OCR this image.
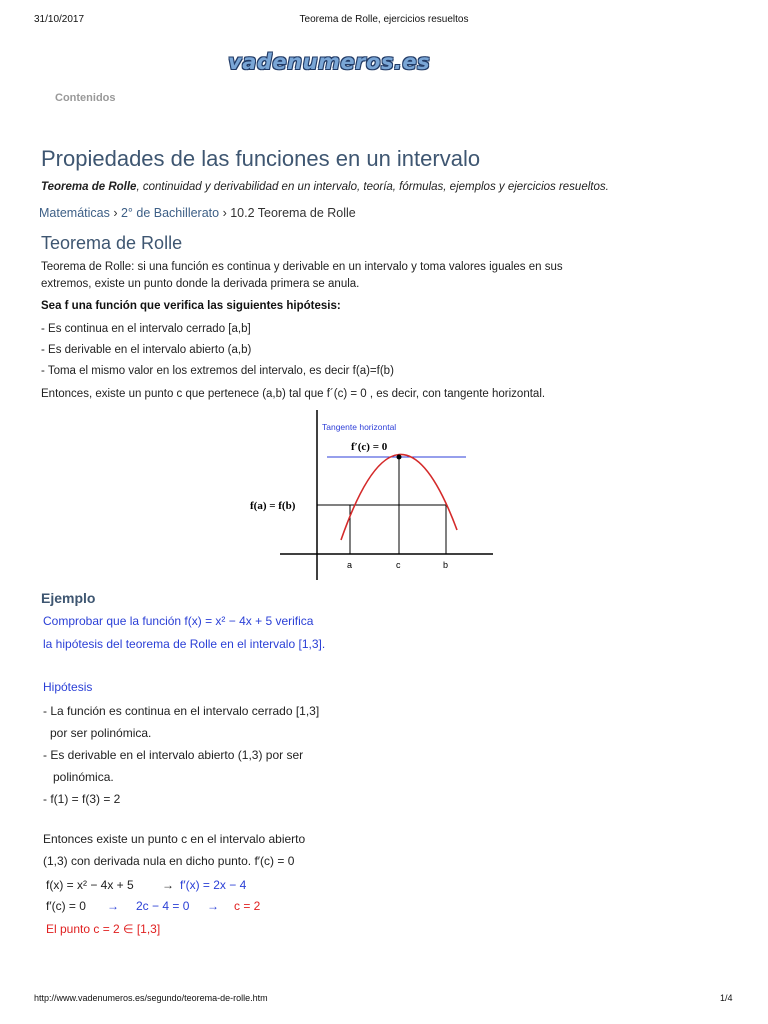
31/10/2017	Teorema de Rolle, ejercicios resueltos
vadenumeros.es
Contenidos
Propiedades de las funciones en un intervalo
Teorema de Rolle, continuidad y derivabilidad en un intervalo, teoría, fórmulas, ejemplos y ejercicios resueltos.
Matemáticas › 2° de Bachillerato › 10.2 Teorema de Rolle
Teorema de Rolle
Teorema de Rolle: si una función es continua y derivable en un intervalo y toma valores iguales en sus
extremos, existe un punto donde la derivada primera se anula.
Sea f una función que verifica las siguientes hipótesis:
- Es continua en el intervalo cerrado [a,b]
- Es derivable en el intervalo abierto (a,b)
- Toma el mismo valor en los extremos del intervalo, es decir f(a)=f(b)
Entonces, existe un punto c que pertenece (a,b) tal que f´(c) = 0 , es decir, con tangente horizontal.
Tangente horizontal
f′(c) = 0
f(a) = f(b)
a	c	b
Ejemplo
Comprobar que la función f(x) = x² − 4x + 5 verifica
la hipótesis del teorema de Rolle en el intervalo [1,3].
Hipótesis
- La función es continua en el intervalo cerrado [1,3]
por ser polinómica.
- Es derivable en el intervalo abierto (1,3) por ser
polinómica.
- f(1) = f(3) = 2
Entonces existe un punto c en el intervalo abierto
(1,3) con derivada nula en dicho punto. f′(c) = 0
f(x) = x² − 4x + 5 → f′(x) = 2x − 4
f′(c) = 0 → 2c − 4 = 0 → c = 2
El punto c = 2 ∈ [1,3]
http://www.vadenumeros.es/segundo/teorema-de-rolle.htm	1/4
